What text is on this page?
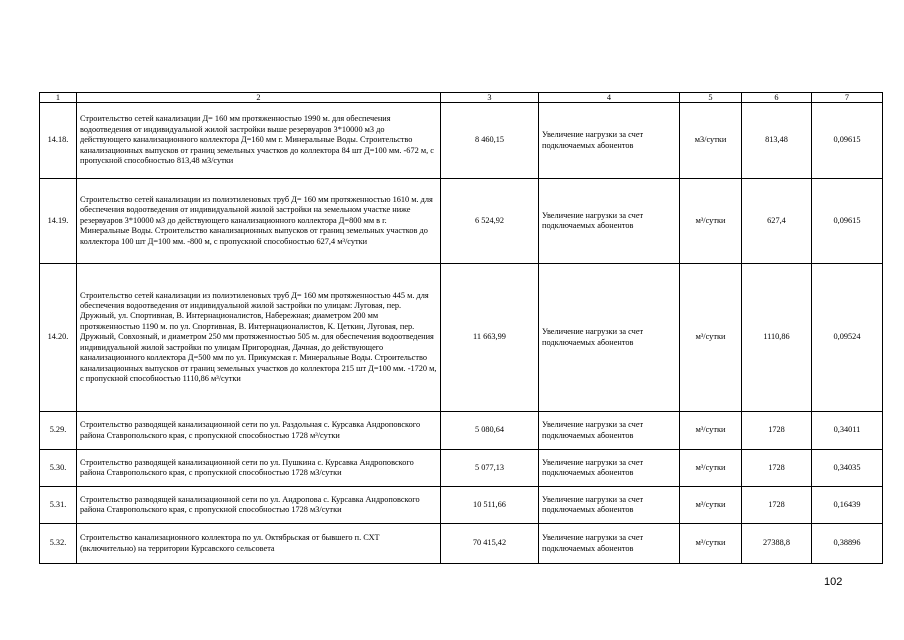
1	2	3	4	5	6	7
14.18.	Строительство сетей канализации Д= 160 мм протяженностью 1990 м. для обеспечения водоотведения от индивидуальной жилой застройки выше резервуаров 3*10000 м3 до действующего канализационного коллектора Д=160 мм г. Минеральные Воды. Строительство канализационных выпусков от границ земельных участков до коллектора 84 шт Д=100 мм. -672 м, с пропускной способностью 813,48 м3/сутки	8 460,15	Увеличение нагрузки за счет подключаемых абонентов	м3/сутки	813,48	0,09615
14.19.	Строительство сетей канализации из полиэтиленовых труб Д= 160 мм протяженностью 1610 м. для обеспечения водоотведения от индивидуальной жилой застройки на земельном участке ниже резервуаров 3*10000 м3 до действующего канализационного коллектора Д=800 мм в г. Минеральные Воды. Строительство канализационных выпусков от границ земельных участков до коллектора 100 шт Д=100 мм. -800 м, с пропускной способностью 627,4 м³/сутки	6 524,92	Увеличение нагрузки за счет подключаемых абонентов	м³/сутки	627,4	0,09615
14.20.	Строительство сетей канализации из полиэтиленовых труб Д= 160 мм протяженностью 445 м. для обеспечения водоотведения от индивидуальной жилой застройки по улицам: Луговая, пер. Дружный, ул. Спортивная, В. Интернационалистов, Набережная; диаметром 200 мм протяженностью 1190 м. по ул. Спортивная, В. Интернационалистов, К. Цеткин, Луговая, пер. Дружный, Совхозный, и диаметром 250 мм протяженностью 505 м. для обеспечения водоотведения индивидуальной жилой застройки по улицам Пригородная, Дачная, до действующего канализационного коллектора Д=500 мм по ул. Прикумская г. Минеральные Воды. Строительство канализационных выпусков от границ земельных участков до коллектора 215 шт Д=100 мм. -1720 м, с пропускной способностью 1110,86 м³/сутки	11 663,99	Увеличение нагрузки за счет подключаемых абонентов	м³/сутки	1110,86	0,09524
5.29.	Строительство разводящей канализационной сети по ул. Раздольная с. Курсавка Андроповского района Ставропольского края, с пропускной способностью 1728 м³/сутки	5 080,64	Увеличение нагрузки за счет подключаемых абонентов	м³/сутки	1728	0,34011
5.30.	Строительство разводящей канализационной сети по ул. Пушкина с. Курсавка Андроповского района Ставропольского края, с пропускной способностью 1728 м3/сутки	5 077,13	Увеличение нагрузки за счет подключаемых абонентов	м³/сутки	1728	0,34035
5.31.	Строительство разводящей канализационной сети по ул. Андропова с. Курсавка Андроповского района Ставропольского края, с пропускной способностью 1728 м3/сутки	10 511,66	Увеличение нагрузки за счет подключаемых абонентов	м³/сутки	1728	0,16439
5.32.	Строительство канализационного коллектора по ул. Октябрьская от бывшего п. СХТ (включительно) на территории Курсавского сельсовета	70 415,42	Увеличение нагрузки за счет подключаемых абонентов	м³/сутки	27388,8	0,38896
102
